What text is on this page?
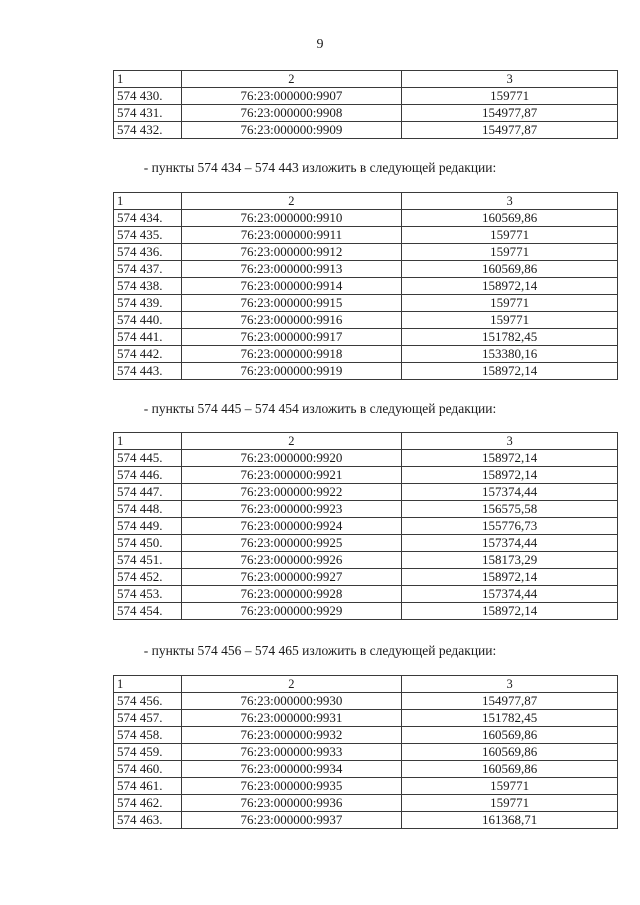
9
1	2	3
574 430.	76:23:000000:9907	159771
574 431.	76:23:000000:9908	154977,87
574 432.	76:23:000000:9909	154977,87
- пункты 574 434 – 574 443 изложить в следующей редакции:
1	2	3
574 434.	76:23:000000:9910	160569,86
574 435.	76:23:000000:9911	159771
574 436.	76:23:000000:9912	159771
574 437.	76:23:000000:9913	160569,86
574 438.	76:23:000000:9914	158972,14
574 439.	76:23:000000:9915	159771
574 440.	76:23:000000:9916	159771
574 441.	76:23:000000:9917	151782,45
574 442.	76:23:000000:9918	153380,16
574 443.	76:23:000000:9919	158972,14
- пункты 574 445 – 574 454 изложить в следующей редакции:
1	2	3
574 445.	76:23:000000:9920	158972,14
574 446.	76:23:000000:9921	158972,14
574 447.	76:23:000000:9922	157374,44
574 448.	76:23:000000:9923	156575,58
574 449.	76:23:000000:9924	155776,73
574 450.	76:23:000000:9925	157374,44
574 451.	76:23:000000:9926	158173,29
574 452.	76:23:000000:9927	158972,14
574 453.	76:23:000000:9928	157374,44
574 454.	76:23:000000:9929	158972,14
- пункты 574 456 – 574 465 изложить в следующей редакции:
1	2	3
574 456.	76:23:000000:9930	154977,87
574 457.	76:23:000000:9931	151782,45
574 458.	76:23:000000:9932	160569,86
574 459.	76:23:000000:9933	160569,86
574 460.	76:23:000000:9934	160569,86
574 461.	76:23:000000:9935	159771
574 462.	76:23:000000:9936	159771
574 463.	76:23:000000:9937	161368,71
